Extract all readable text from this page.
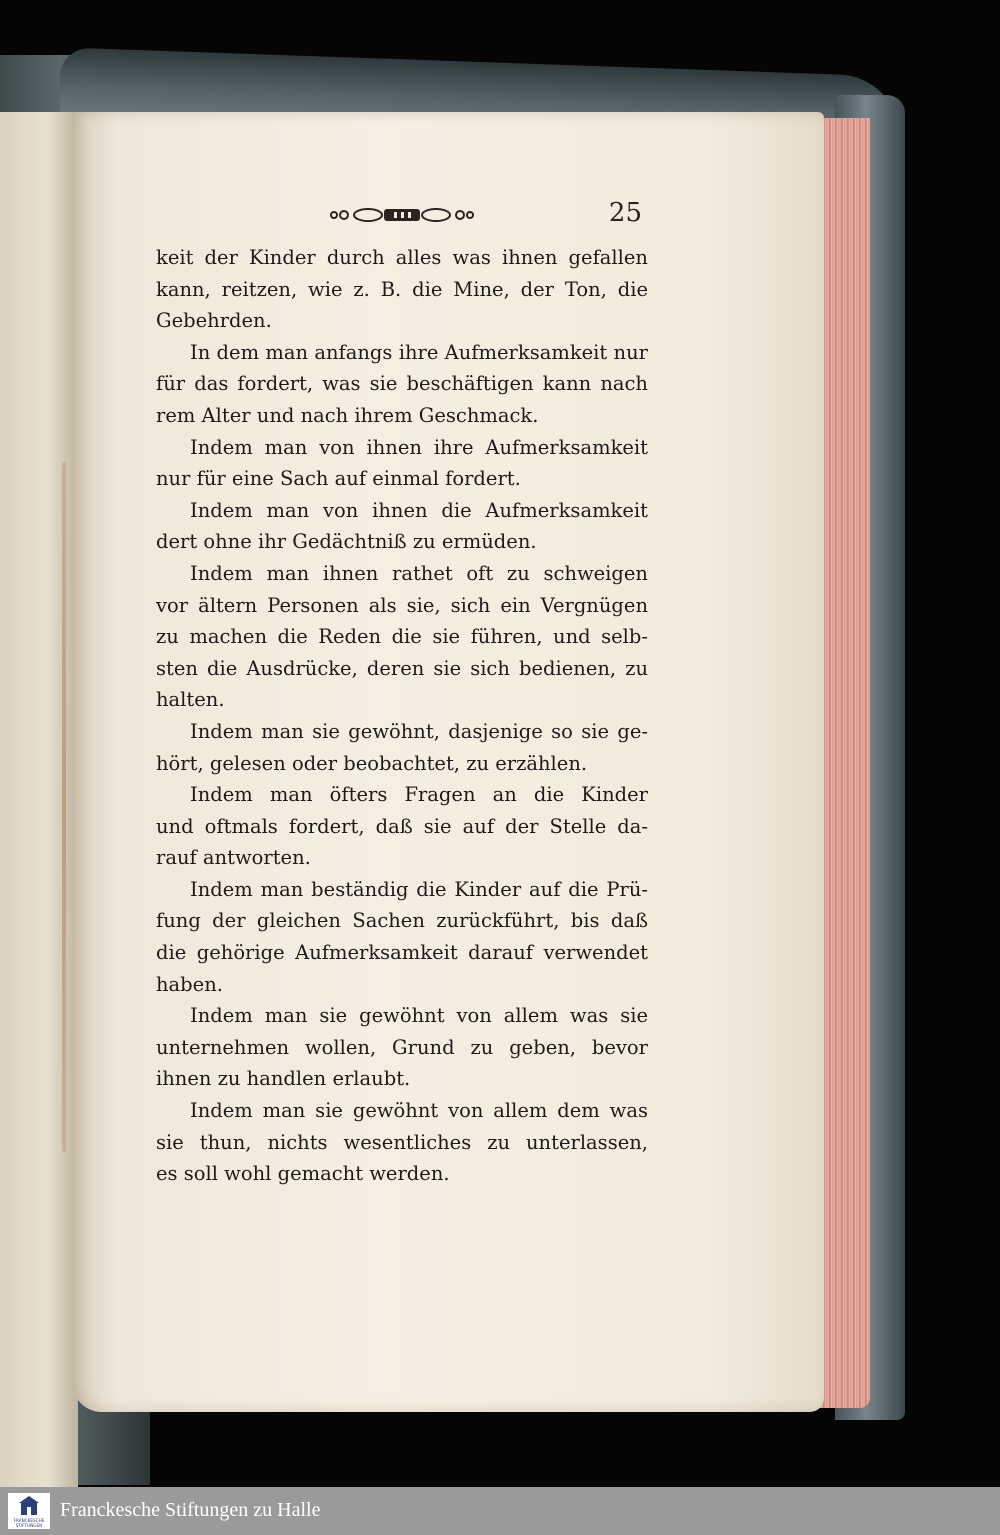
25
keit der Kinder durch alles was ihnen gefallen
kann, reitzen, wie z. B. die Mine, der Ton, die
Gebehrden.
In dem man anfangs ihre Aufmerksamkeit nur
für das fordert, was sie beschäftigen kann nach
rem Alter und nach ihrem Geschmack.
Indem man von ihnen ihre Aufmerksamkeit
nur für eine Sach auf einmal fordert.
Indem man von ihnen die Aufmerksamkeit
dert ohne ihr Gedächtniß zu ermüden.
Indem man ihnen rathet oft zu schweigen
vor ältern Personen als sie, sich ein Vergnügen
zu machen die Reden die sie führen, und selb-
sten die Ausdrücke, deren sie sich bedienen, zu
halten.
Indem man sie gewöhnt, dasjenige so sie ge-
hört, gelesen oder beobachtet, zu erzählen.
Indem man öfters Fragen an die Kinder
und oftmals fordert, daß sie auf der Stelle da-
rauf antworten.
Indem man beständig die Kinder auf die Prü-
fung der gleichen Sachen zurückführt, bis daß
die gehörige Aufmerksamkeit darauf verwendet
haben.
Indem man sie gewöhnt von allem was sie
unternehmen wollen, Grund zu geben, bevor
ihnen zu handlen erlaubt.
Indem man sie gewöhnt von allem dem was
sie thun, nichts wesentliches zu unterlassen,
es soll wohl gemacht werden.
FRANCKESCHE
STIFTUNGEN
Franckesche Stiftungen zu Halle
